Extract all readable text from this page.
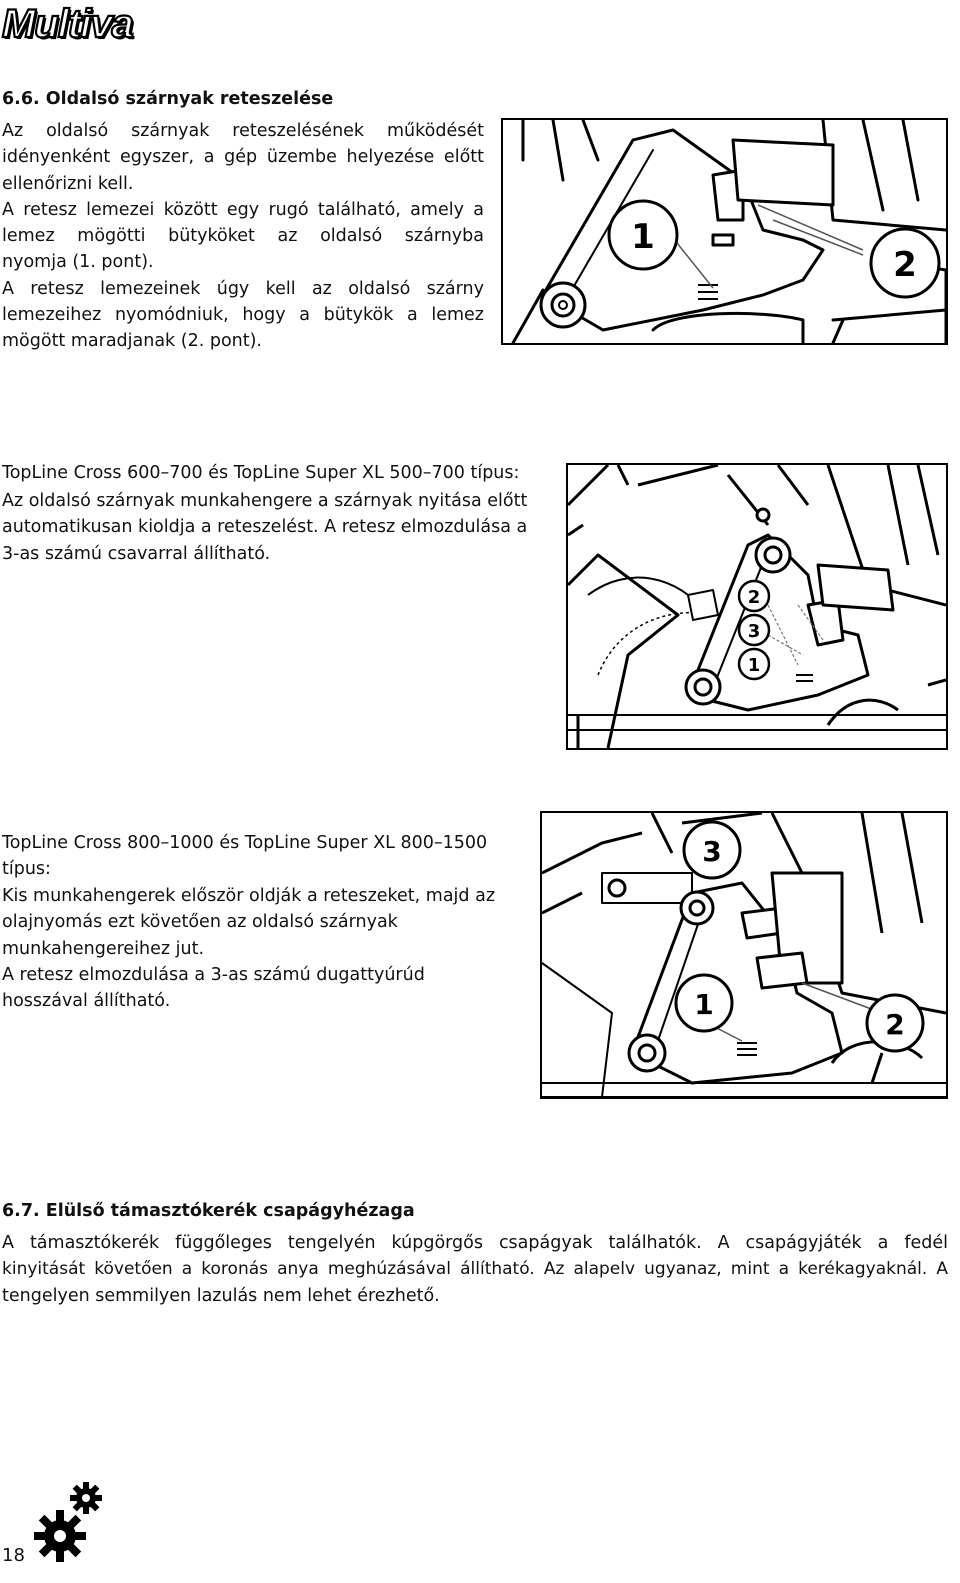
Multiva
6.6. Oldalsó szárnyak reteszelése
Az oldalsó szárnyak reteszelésének működését
idényenként egyszer, a gép üzembe helyezése előtt
ellenőrizni kell.
A retesz lemezei között egy rugó található, amely a
lemez mögötti bütyköket az oldalsó szárnyba
nyomja (1. pont).
A retesz lemezeinek úgy kell az oldalsó szárny
lemezeihez nyomódniuk, hogy a bütykök a lemez
mögött maradjanak (2. pont).
1
2
TopLine Cross 600–700 és TopLine Super XL 500–700 típus:
Az oldalsó szárnyak munkahengere a szárnyak nyitása előtt
automatikusan kioldja a reteszelést. A retesz elmozdulása a
3-as számú csavarral állítható.
2
3
1
TopLine Cross 800–1000 és TopLine Super XL 800–1500
típus:
Kis munkahengerek először oldják a reteszeket, majd az
olajnyomás ezt követően az oldalsó szárnyak
munkahengereihez jut.
A retesz elmozdulása a 3-as számú dugattyúrúd
hosszával állítható.
3
1
2
6.7. Elülső támasztókerék csapágyhézaga
A támasztókerék függőleges tengelyén kúpgörgős csapágyak találhatók. A csapágyjáték a fedél
kinyitását követően a koronás anya meghúzásával állítható. Az alapelv ugyanaz, mint a kerékagyaknál. A
tengelyen semmilyen lazulás nem lehet érezhető.
18
